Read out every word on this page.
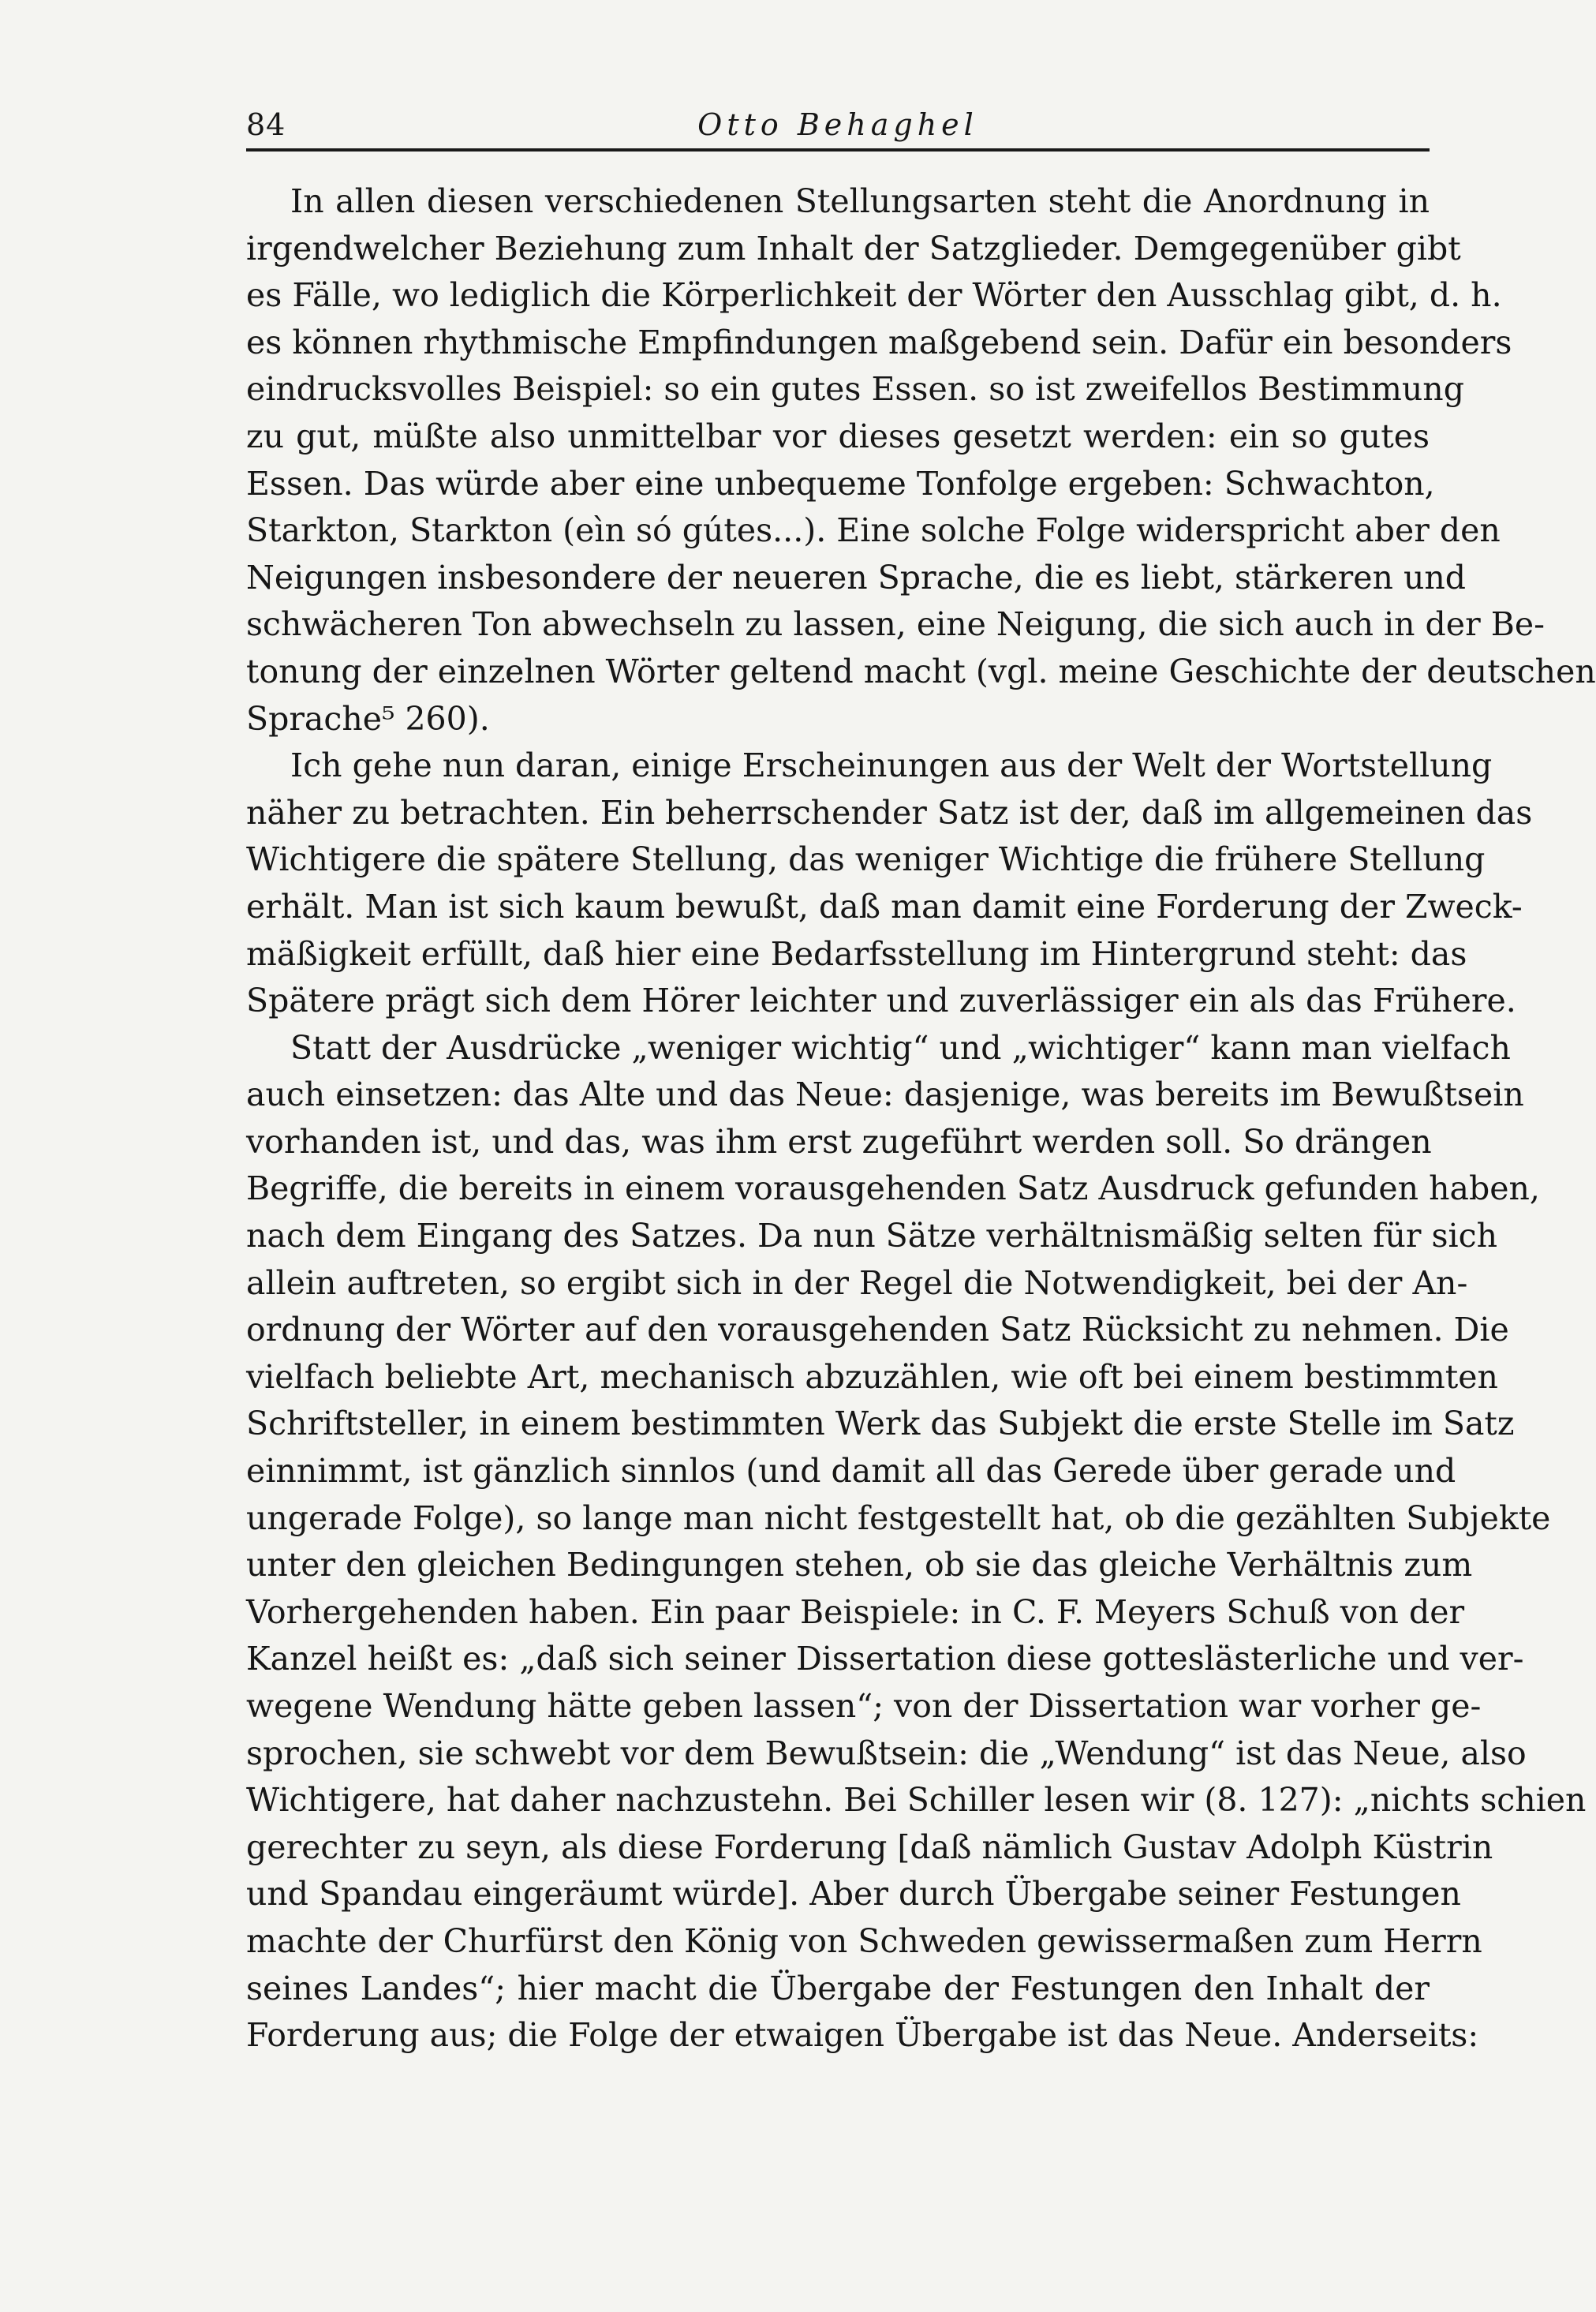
84	Otto Behaghel
In allen diesen verschiedenen Stellungsarten steht die Anordnung in
irgendwelcher Beziehung zum Inhalt der Satzglieder. Demgegenüber gibt
es Fälle, wo lediglich die Körperlichkeit der Wörter den Ausschlag gibt, d. h.
es können rhythmische Empfindungen maßgebend sein. Dafür ein besonders
eindrucksvolles Beispiel: so ein gutes Essen. so ist zweifellos Bestimmung
zu gut, müßte also unmittelbar vor dieses gesetzt werden: ein so gutes
Essen. Das würde aber eine unbequeme Tonfolge ergeben: Schwachton,
Starkton, Starkton (eìn só gútes...). Eine solche Folge widerspricht aber den
Neigungen insbesondere der neueren Sprache, die es liebt, stärkeren und
schwächeren Ton abwechseln zu lassen, eine Neigung, die sich auch in der Be-
tonung der einzelnen Wörter geltend macht (vgl. meine Geschichte der deutschen
Sprache⁵ 260).
Ich gehe nun daran, einige Erscheinungen aus der Welt der Wortstellung
näher zu betrachten. Ein beherrschender Satz ist der, daß im allgemeinen das
Wichtigere die spätere Stellung, das weniger Wichtige die frühere Stellung
erhält. Man ist sich kaum bewußt, daß man damit eine Forderung der Zweck-
mäßigkeit erfüllt, daß hier eine Bedarfsstellung im Hintergrund steht: das
Spätere prägt sich dem Hörer leichter und zuverlässiger ein als das Frühere.
Statt der Ausdrücke „weniger wichtig“ und „wichtiger“ kann man vielfach
auch einsetzen: das Alte und das Neue: dasjenige, was bereits im Bewußtsein
vorhanden ist, und das, was ihm erst zugeführt werden soll. So drängen
Begriffe, die bereits in einem vorausgehenden Satz Ausdruck gefunden haben,
nach dem Eingang des Satzes. Da nun Sätze verhältnismäßig selten für sich
allein auftreten, so ergibt sich in der Regel die Notwendigkeit, bei der An-
ordnung der Wörter auf den vorausgehenden Satz Rücksicht zu nehmen. Die
vielfach beliebte Art, mechanisch abzuzählen, wie oft bei einem bestimmten
Schriftsteller, in einem bestimmten Werk das Subjekt die erste Stelle im Satz
einnimmt, ist gänzlich sinnlos (und damit all das Gerede über gerade und
ungerade Folge), so lange man nicht festgestellt hat, ob die gezählten Subjekte
unter den gleichen Bedingungen stehen, ob sie das gleiche Verhältnis zum
Vorhergehenden haben. Ein paar Beispiele: in C. F. Meyers Schuß von der
Kanzel heißt es: „daß sich seiner Dissertation diese gotteslästerliche und ver-
wegene Wendung hätte geben lassen“; von der Dissertation war vorher ge-
sprochen, sie schwebt vor dem Bewußtsein: die „Wendung“ ist das Neue, also
Wichtigere, hat daher nachzustehn. Bei Schiller lesen wir (8. 127): „nichts schien
gerechter zu seyn, als diese Forderung [daß nämlich Gustav Adolph Küstrin
und Spandau eingeräumt würde]. Aber durch Übergabe seiner Festungen
machte der Churfürst den König von Schweden gewissermaßen zum Herrn
seines Landes“; hier macht die Übergabe der Festungen den Inhalt der
Forderung aus; die Folge der etwaigen Übergabe ist das Neue. Anderseits:
